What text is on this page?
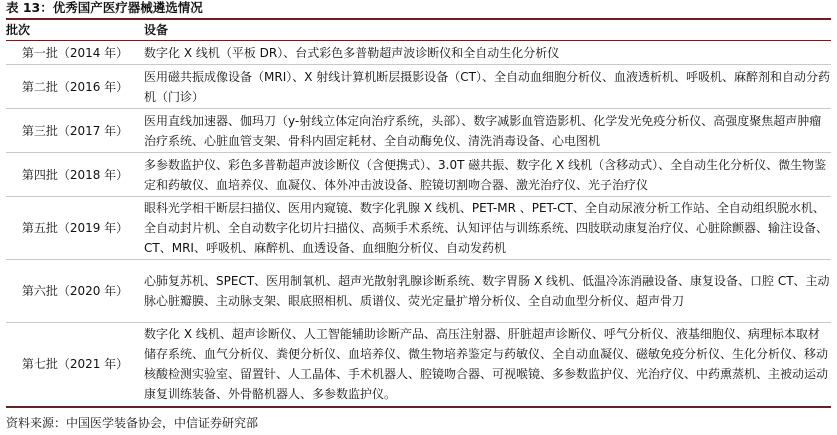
表 13：优秀国产医疗器械遴选情况
批次	设备
第一批（2014 年）	数字化 X 线机（平板 DR）、台式彩色多普勒超声波诊断仪和全自动生化分析仪

第二批（2016 年）	医用磁共振成像设备（MRI）、X 射线计算机断层摄影设备（CT）、全自动血细胞分析仪、血液透析机、呼吸机、麻醉剂和自动分药机（门诊）

第三批（2017 年）	医用直线加速器、伽玛刀（y-射线立体定向治疗系统，头部）、数字减影血管造影机、化学发光免疫分析仪、高强度聚焦超声肿瘤治疗系统、心脏血管支架、骨科内固定耗材、全自动酶免仪、清洗消毒设备、心电图机

第四批（2018 年）	多参数监护仪、彩色多普勒超声波诊断仪（含便携式）、3.0T 磁共振、数字化 X 线机（含移动式）、全自动生化分析仪、微生物鉴定和药敏仪、血培养仪、血凝仪、体外冲击波设备、腔镜切割吻合器、激光治疗仪、光子治疗仪

第五批（2019 年）	眼科光学相干断层扫描仪、医用内窥镜、数字化乳腺 X 线机、PET-MR 、PET-CT、全自动尿液分析工作站、全自动组织脱水机、全自动封片机、全自动数字化切片扫描仪、高频手术系统、认知评估与训练系统、四肢联动康复治疗仪、心脏除颤器、输注设备、CT、MRI、呼吸机、麻醉机、血透设备、血细胞分析仪、自动发药机

第六批（2020 年）	心肺复苏机、SPECT、医用制氧机、超声光散射乳腺诊断系统、数字胃肠 X 线机、低温冷冻消融设备、康复设备、口腔 CT、主动脉心脏瓣膜、主动脉支架、眼底照相机、质谱仪、荧光定量扩增分析仪、全自动血型分析仪、超声骨刀

第七批（2021 年）	数字化 X 线机、超声诊断仪、人工智能辅助诊断产品、高压注射器、肝脏超声诊断仪、呼气分析仪、液基细胞仪、病理标本取材储存系统、血气分析仪、粪便分析仪、血培养仪、微生物培养鉴定与药敏仪、全自动血凝仪、磁敏免疫分析仪、生化分析仪、移动核酸检测实验室、留置针、人工晶体、手术机器人、腔镜吻合器、可视喉镜、多参数监护仪、光治疗仪、中药熏蒸机、主被动运动康复训练装备、外骨骼机器人、多参数监护仪。
资料来源：中国医学装备协会，中信证券研究部
